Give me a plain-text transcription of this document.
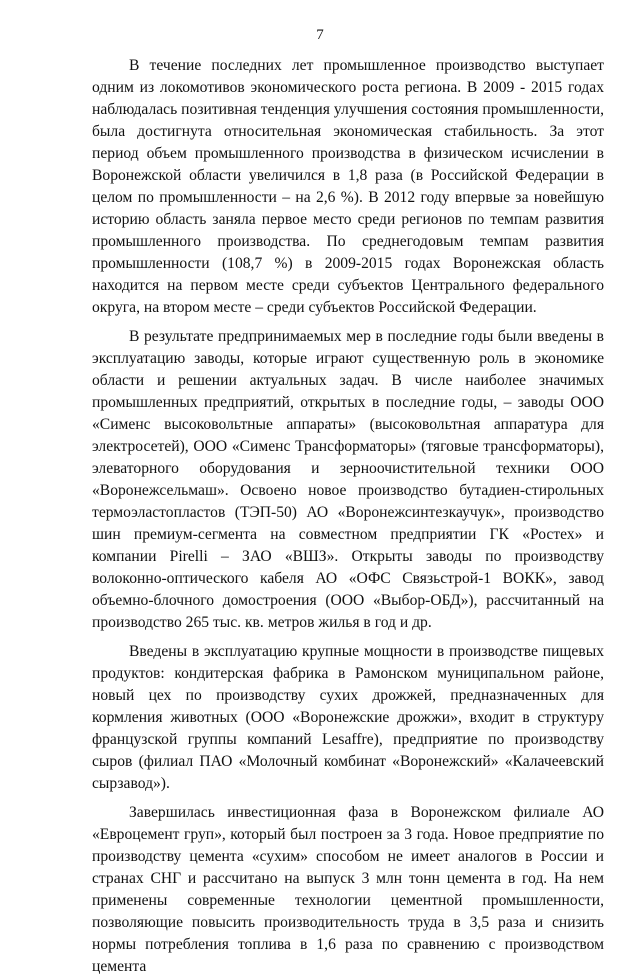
7

В течение последних лет промышленное производство выступает одним из локомотивов экономического роста региона. В 2009 - 2015 годах наблюдалась позитивная тенденция улучшения состояния промышленности, была достигнута относительная экономическая стабильность. За этот период объем промышленного производства в физическом исчислении в Воронежской области увеличился в 1,8 раза (в Российской Федерации в целом по промышленности – на 2,6 %). В 2012 году впервые за новейшую историю область заняла первое место среди регионов по темпам развития промышленного производства. По среднегодовым темпам развития промышленности (108,7 %) в 2009-2015 годах Воронежская область находится на первом месте среди субъектов Центрального федерального округа, на втором месте – среди субъектов Российской Федерации.

В результате предпринимаемых мер в последние годы были введены в эксплуатацию заводы, которые играют существенную роль в экономике области и решении актуальных задач. В числе наиболее значимых промышленных предприятий, открытых в последние годы, – заводы ООО «Сименс высоковольтные аппараты» (высоковольтная аппаратура для электросетей), ООО «Сименс Трансформаторы» (тяговые трансформаторы), элеваторного оборудования и зерноочистительной техники ООО «Воронежсельмаш». Освоено новое производство бутадиен-стирольных термоэластопластов (ТЭП-50) АО «Воронежсинтезкаучук», производство шин премиум-сегмента на совместном предприятии ГК «Ростех» и компании Pirelli – ЗАО «ВШЗ». Открыты заводы по производству волоконно-оптического кабеля АО «ОФС Связьстрой-1 ВОКК», завод объемно-блочного домостроения (ООО «Выбор-ОБД»), рассчитанный на производство 265 тыс. кв. метров жилья в год и др.

Введены в эксплуатацию крупные мощности в производстве пищевых продуктов: кондитерская фабрика в Рамонском муниципальном районе, новый цех по производству сухих дрожжей, предназначенных для кормления животных (ООО «Воронежские дрожжи», входит в структуру французской группы компаний Lesaffre), предприятие по производству сыров (филиал ПАО «Молочный комбинат «Воронежский» «Калачеевский сырзавод»).

Завершилась инвестиционная фаза в Воронежском филиале АО «Евроцемент груп», который был построен за 3 года. Новое предприятие по производству цемента «сухим» способом не имеет аналогов в России и странах СНГ и рассчитано на выпуск 3 млн тонн цемента в год. На нем применены современные технологии цементной промышленности, позволяющие повысить производительность труда в 3,5 раза и снизить нормы потребления топлива в 1,6 раза по сравнению с производством цемента
